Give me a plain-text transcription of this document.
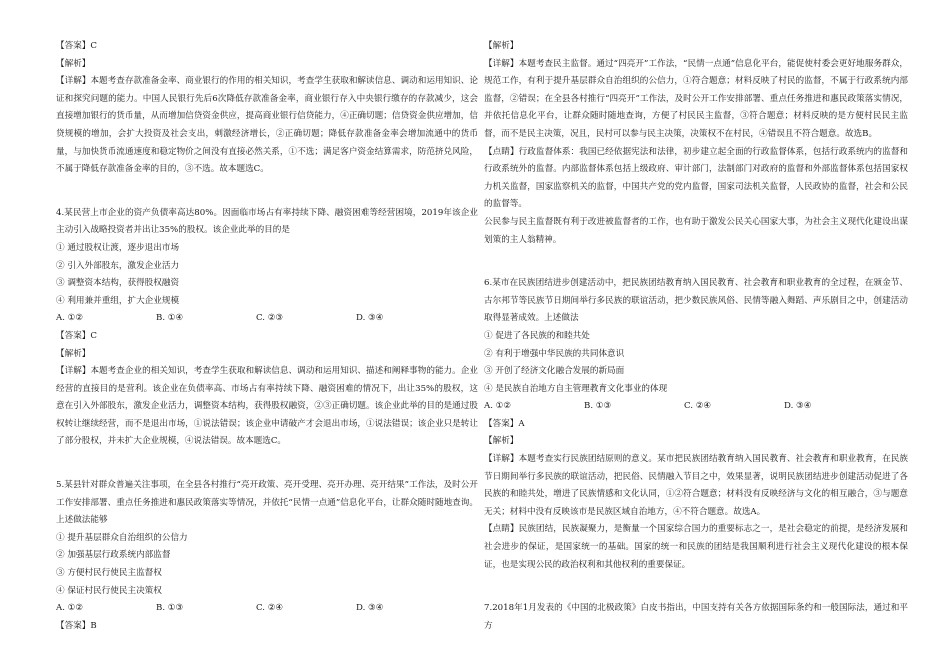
【答案】C

【解析】

【详解】本题考查存款准备金率、商业银行的作用的相关知识，考查学生获取和解读信息、调动和运用知识、论证和探究问题的能力。中国人民银行先后6次降低存款准备金率，商业银行存入中央银行缴存的存款减少，这会直接增加银行的货币量，从而增加信贷资金供应，提高商业银行信贷能力，④正确切题；信贷资金供应增加，信贷规模的增加，会扩大投资及社会支出，刺激经济增长，②正确切题；降低存款准备金率会增加流通中的货币量，与加快货币流通速度和稳定物价之间没有直接必然关系，①不选；满足客户资金结算需求，防范挤兑风险，不属于降低存款准备金率的目的，③不选。故本题选C。

4.某民营上市企业的资产负债率高达80%。因面临市场占有率持续下降、融资困难等经营困境，2019年该企业主动引入战略投资者并出让35%的股权。该企业此举的目的是

① 通过股权让渡，逐步退出市场

② 引入外部股东，激发企业活力

③ 调整资本结构，获得股权融资

④ 利用兼并重组，扩大企业规模

A. ①②	B. ①④	C. ②③	D. ③④

【答案】C

【解析】

【详解】本题考查企业的相关知识，考查学生获取和解读信息、调动和运用知识、描述和阐释事物的能力。企业经营的直接目的是营利。该企业在负债率高、市场占有率持续下降、融资困难的情况下，出让35%的股权，这意在引入外部股东，激发企业活力，调整资本结构，获得股权融资，②③正确切题。该企业此举的目的是通过股权转让继续经营，而不是退出市场，①说法错误；该企业申请破产才会退出市场，①说法错误；该企业只是转让了部分股权，并未扩大企业规模，④说法错误。故本题选C。

5.某县针对群众普遍关注事项，在全县各村推行“亮开政策、亮开受理、亮开办理、亮开结果”工作法，及时公开工作安排部署、重点任务推进和惠民政策落实等情况，并依托“民情一点通”信息化平台，让群众随时随地查询。上述做法能够

① 提升基层群众自治组织的公信力

② 加强基层行政系统内部监督

③ 方便村民行使民主监督权

④ 保证村民行使民主决策权

A. ①②	B. ①③	C. ②④	D. ③④

【答案】B

【解析】

【详解】本题考查民主监督。通过“四亮开”工作法，“民情一点通”信息化平台，能促使村委会更好地服务群众，规范工作，有利于提升基层群众自治组织的公信力，①符合题意；材料反映了村民的监督，不属于行政系统内部监督，②错误；在全县各村推行“四亮开”工作法，及时公开工作安排部署、重点任务推进和惠民政策落实情况，并依托信息化平台，让群众随时随地查询，方便了村民民主监督，③符合题意；材料反映的是方便村民民主监督，而不是民主决策，况且，民村可以参与民主决策，决策权不在村民，④错误且不符合题意。故选B。

【点睛】行政监督体系：我国已经依据宪法和法律，初步建立起全面的行政监督体系，包括行政系统内的监督和行政系统外的监督。内部监督体系包括上级政府、审计部门，法制部门对政府的监督和外部监督体系包括国家权力机关监督，国家监察机关的监督，中国共产党的党内监督，国家司法机关监督，人民政协的监督，社会和公民的监督等。

公民参与民主监督既有利于改进被监督者的工作，也有助于激发公民关心国家大事，为社会主义现代化建设出谋划策的主人翁精神。

6.某市在民族团结进步创建活动中，把民族团结教育纳入国民教育、社会教育和职业教育的全过程，在颁金节、古尔邦节等民族节日期间举行多民族的联谊活动，把少数民族风俗、民情等融入舞蹈、声乐剧目之中，创建活动取得显著成效。上述做法

① 促进了各民族的和睦共处

② 有利于增强中华民族的共同体意识

③ 开创了经济文化融合发展的新局面

④ 是民族自治地方自主管理教育文化事业的体现

A. ①②	B. ①③	C. ②④	D. ③④

【答案】A

【解析】

【详解】本题考查实行民族团结原则的意义。某市把民族团结教育纳入国民教育、社会教育和职业教育，在民族节日期间举行多民族的联谊活动，把民俗、民情融入节目之中，效果显著，说明民族团结进步创建活动促进了各民族的和睦共处，增进了民族情感和文化认同，①②符合题意；材料没有反映经济与文化的相互融合，③与题意无关；材料中没有反映该市是民族区域自治地方，④不符合题意。故选A。

【点睛】民族团结，民族凝聚力，是衡量一个国家综合国力的重要标志之一，是社会稳定的前提，是经济发展和社会进步的保证，是国家统一的基础。国家的统一和民族的团结是我国顺利进行社会主义现代化建设的根本保证，也是实现公民的政治权利和其他权利的重要保证。

7.2018年1月发表的《中国的北极政策》白皮书指出，中国支持有关各方依据国际条约和一般国际法，通过和平方
